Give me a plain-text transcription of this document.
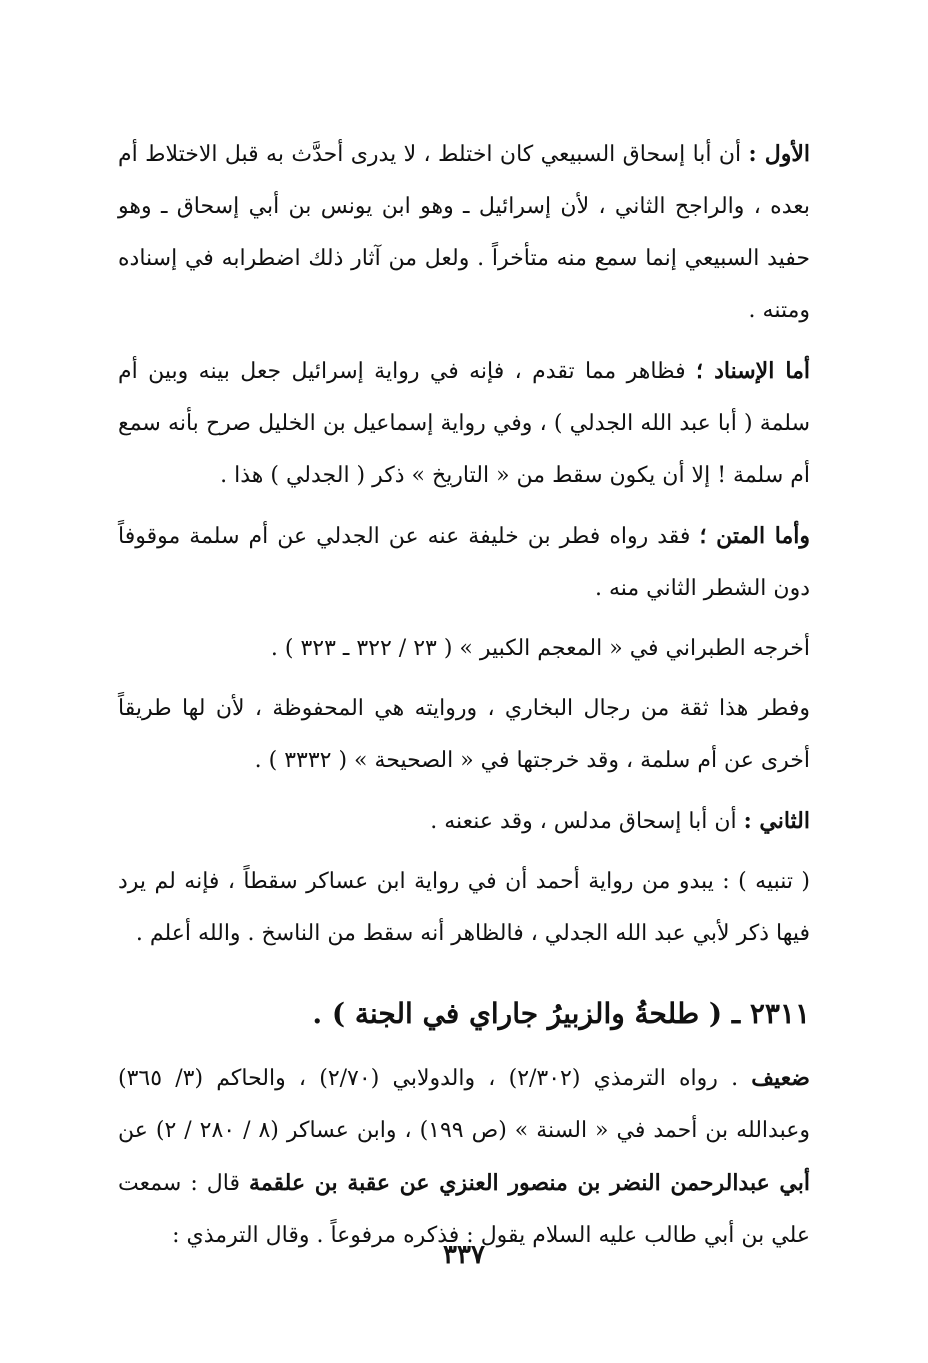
الأول : أن أبا إسحاق السبيعي كان اختلط ، لا يدرى أحدَّث به قبل الاختلاط أم بعده ، والراجح الثاني ، لأن إسرائيل ـ وهو ابن يونس بن أبي إسحاق ـ وهو حفيد السبيعي إنما سمع منه متأخراً . ولعل من آثار ذلك اضطرابه في إسناده ومتنه .

أما الإسناد ؛ فظاهر مما تقدم ، فإنه في رواية إسرائيل جعل بينه وبين أم سلمة ( أبا عبد الله الجدلي ) ، وفي رواية إسماعيل بن الخليل صرح بأنه سمع أم سلمة ! إلا أن يكون سقط من « التاريخ » ذكر ( الجدلي ) هذا .

وأما المتن ؛ فقد رواه فطر بن خليفة عنه عن الجدلي عن أم سلمة موقوفاً دون الشطر الثاني منه .

أخرجه الطبراني في « المعجم الكبير » ( ٢٣ / ٣٢٢ ـ ٣٢٣ ) .

وفطر هذا ثقة من رجال البخاري ، وروايته هي المحفوظة ، لأن لها طريقاً أخرى عن أم سلمة ، وقد خرجتها في « الصحيحة » ( ٣٣٣٢ ) .

الثاني : أن أبا إسحاق مدلس ، وقد عنعنه .

( تنبيه ) : يبدو من رواية أحمد أن في رواية ابن عساكر سقطاً ، فإنه لم يرد فيها ذكر لأبي عبد الله الجدلي ، فالظاهر أنه سقط من الناسخ . والله أعلم .

٢٣١١ ـ ( طلحةُ والزبيرُ جاراي في الجنة ) .

ضعيف . رواه الترمذي (٢/٣٠٢) ، والدولابي (٢/٧٠) ، والحاكم (٣/ ٣٦٥) وعبدالله بن أحمد في « السنة » (ص ١٩٩) ، وابن عساكر (٨ / ٢٨٠ / ٢) عن أبي عبدالرحمن النضر بن منصور العنزي عن عقبة بن علقمة قال : سمعت علي بن أبي طالب عليه السلام يقول : فذكره مرفوعاً . وقال الترمذي :

٣٣٧
